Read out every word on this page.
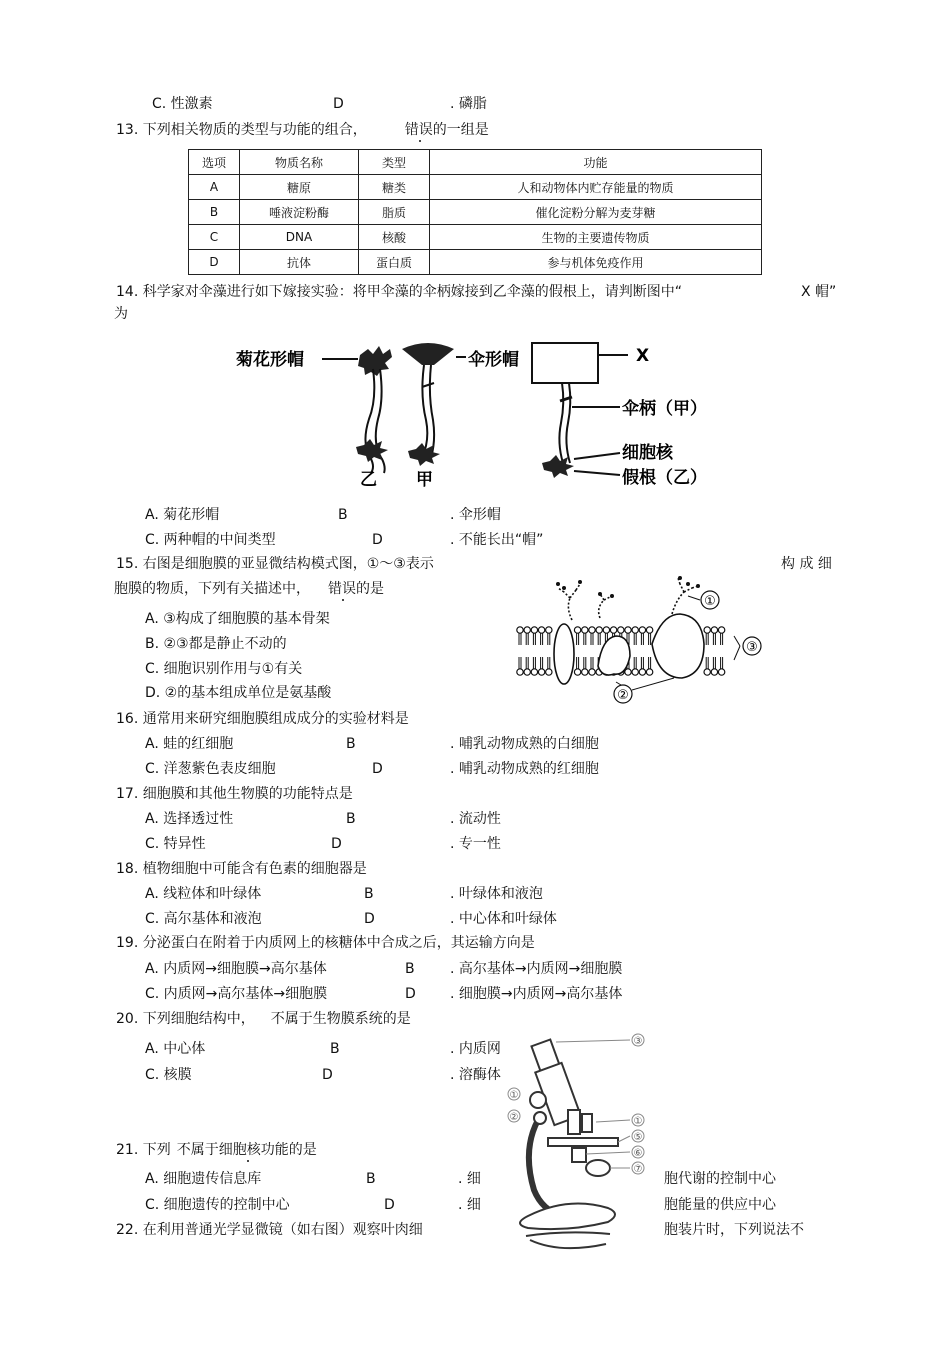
C. 性激素	D	. 磷脂
13. 下列相关物质的类型与功能的组合，	错误的一组是
选项	物质名称	类型	功能
A	糖原	糖类	人和动物体内贮存能量的物质
B	唾液淀粉酶	脂质	催化淀粉分解为麦芽糖
C	DNA	核酸	生物的主要遗传物质
D	抗体	蛋白质	参与机体免疫作用
14. 科学家对伞藻进行如下嫁接实验：将甲伞藻的伞柄嫁接到乙伞藻的假根上，请判断图中“	X 帽”
为
菊花形帽
乙 甲
伞形帽	X
伞柄（甲）
细胞核
假根（乙）
A. 菊花形帽	B	. 伞形帽
C. 两种帽的中间类型	D	. 不能长出“帽”
15. 右图是细胞膜的亚显微结构模式图，①～③表示	构 成 细
胞膜的物质，下列有关描述中， 错误的是
A. ③构成了细胞膜的基本骨架
B. ②③都是静止不动的
C. 细胞识别作用与①有关
D. ②的基本组成单位是氨基酸
①
③
②
16. 通常用来研究细胞膜组成成分的实验材料是
A. 蛙的红细胞	B	. 哺乳动物成熟的白细胞
C. 洋葱紫色表皮细胞	D	. 哺乳动物成熟的红细胞
17. 细胞膜和其他生物膜的功能特点是
A. 选择透过性	B	. 流动性
C. 特异性	D	. 专一性
18. 植物细胞中可能含有色素的细胞器是
A. 线粒体和叶绿体	B	. 叶绿体和液泡
C. 高尔基体和液泡	D	. 中心体和叶绿体
19. 分泌蛋白在附着于内质网上的核糖体中合成之后，其运输方向是
A. 内质网→细胞膜→高尔基体	B	. 高尔基体→内质网→细胞膜
C. 内质网→高尔基体→细胞膜	D . 细胞膜→内质网→高尔基体
20. 下列细胞结构中， 不属于生物膜系统的是
A. 中心体	B	. 内质网
C. 核膜	D	. 溶酶体
③
①
②	①
⑤
⑥
⑦
21. 下列 不属于细胞核功能的是
A. 细胞遗传信息库	B	. 细	胞代谢的控制中心
C. 细胞遗传的控制中心	D	. 细	胞能量的供应中心
22. 在利用普通光学显微镜（如右图）观察叶肉细	胞装片时，下列说法不
